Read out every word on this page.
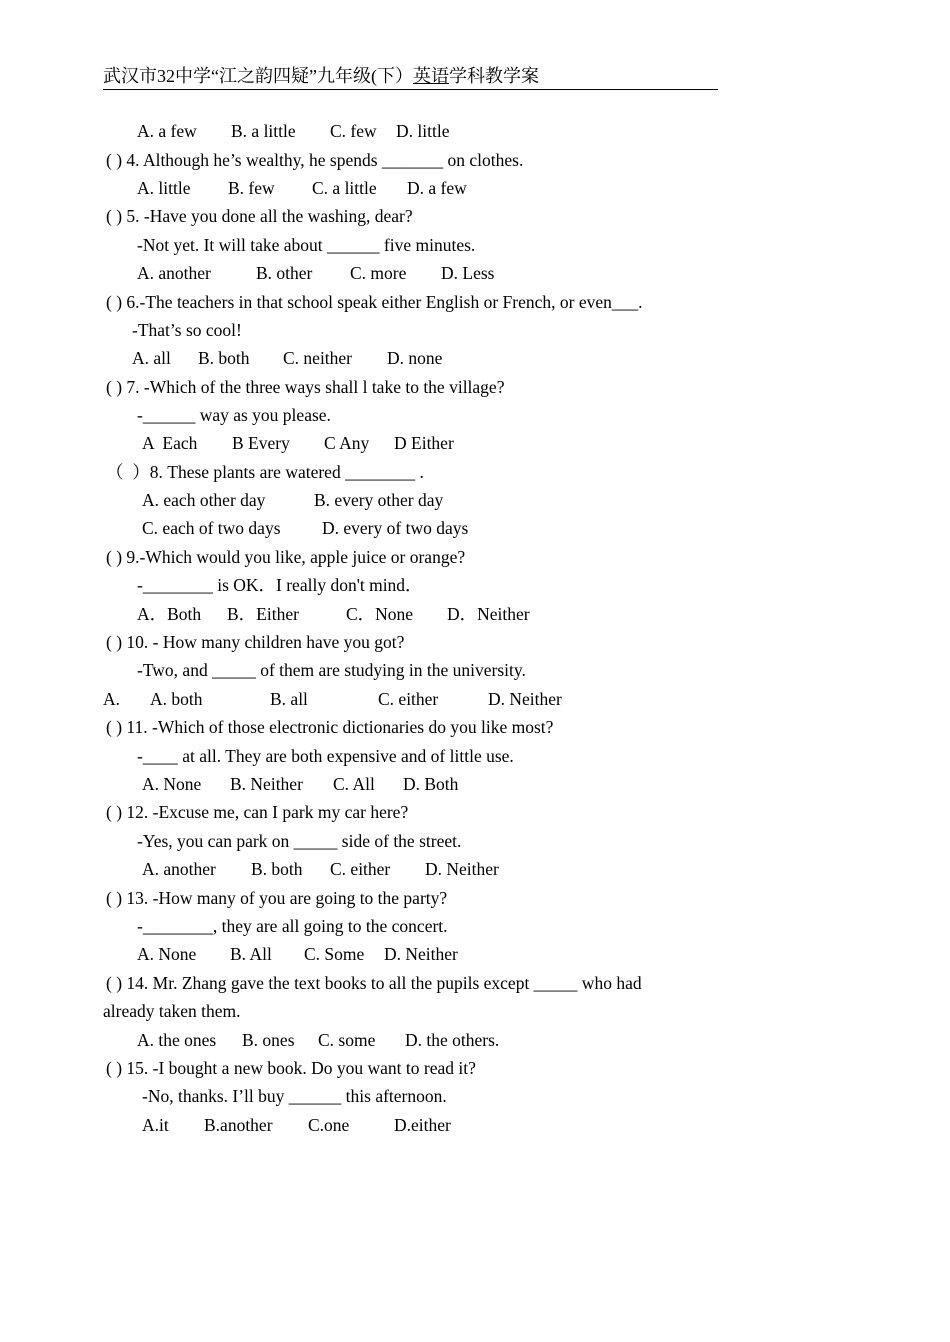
武汉市32中学“江之韵四疑”九年级(下）英语学科教学案
A. a few B. a little C. few D. little
( ) 4. Although he’s wealthy, he spends _______ on clothes.
A. little B. few C. a little D. a few
( ) 5. -Have you done all the washing, dear?
-Not yet. It will take about ______ five minutes.
A. another	B. other C. more D. Less
( ) 6.-The teachers in that school speak either English or French, or even___.
-That’s so cool!
A. all B. both C. neither D. none
( ) 7. -Which of the three ways shall l take to the village?
-______ way as you please.
A  Each B Every C Any D Either
（  ）8. These plants are watered ________ .
A. each other day	B. every other day
C. each of two days D. every of two days
( ) 9.-Which would you like, apple juice or orange?
-________ is OK．I really don't mind．
A．Both B．Either	C．None D．Neither
( ) 10. - How many children have you got?
-Two, and _____ of them are studying in the university.
A. A. both	B. all	C. either	D. Neither
( ) 11. -Which of those electronic dictionaries do you like most?
-____ at all. They are both expensive and of little use.
A. None B. Neither C. All D. Both
( ) 12. -Excuse me, can I park my car here?
-Yes, you can park on _____ side of the street.
A. another B. both C. either D. Neither
( ) 13. -How many of you are going to the party?
-________, they are all going to the concert.
A. None B. All C. Some D. Neither
( ) 14. Mr. Zhang gave the text books to all the pupils except _____ who had
already taken them.
A. the ones B. ones C. some D. the others.
( ) 15. -I bought a new book. Do you want to read it?
-No, thanks. I’ll buy ______ this afternoon.
A.it B.another C.one	D.either
